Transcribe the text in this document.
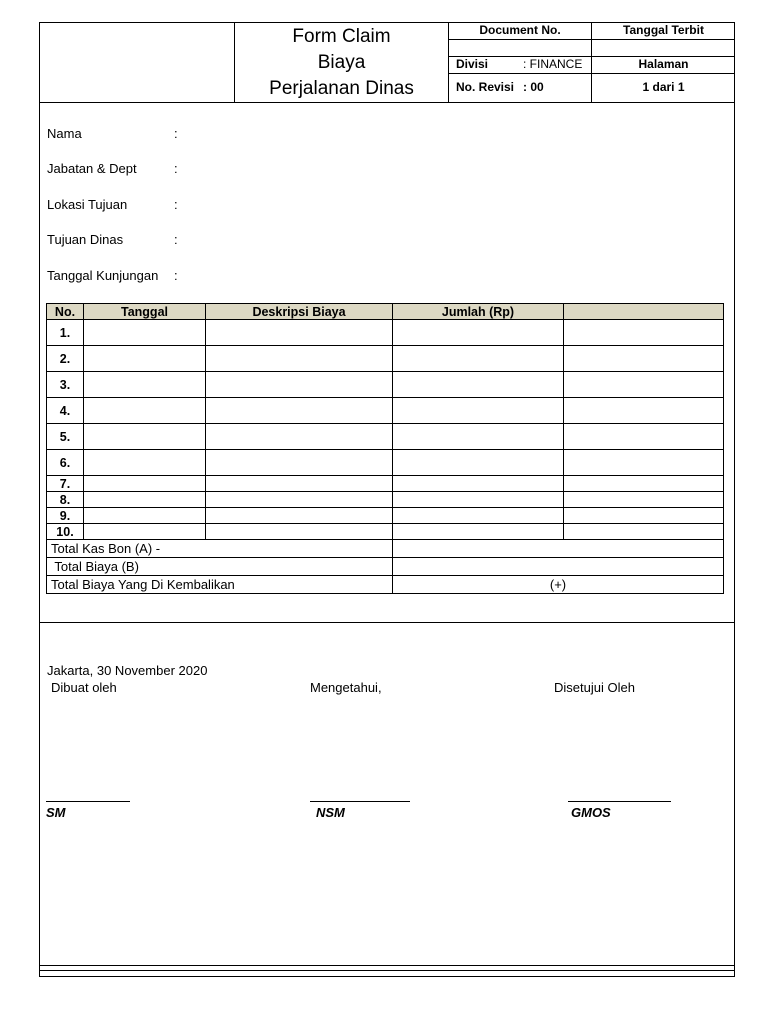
Form Claim
Biaya
Perjalanan Dinas
Document No.	Tanggal Terbit
Divisi	: FINANCE	Halaman
No. Revisi : 00	1 dari 1
Nama	:
Jabatan & Dept	:
Lokasi Tujuan	:
Tujuan Dinas	:
Tanggal Kunjungan :
No.	Tanggal	Deskripsi Biaya	Jumlah (Rp)	
1.				
2.				
3.				
4.				
5.				
6.				
7.				
8.				
9.				
10.				
Total Kas Bon (A) -				
Total Biaya (B)				
Total Biaya Yang Di Kembalikan			(+)	
Jakarta, 30 November 2020
Dibuat oleh	Mengetahui,	Disetujui Oleh
SM	NSM	GMOS
